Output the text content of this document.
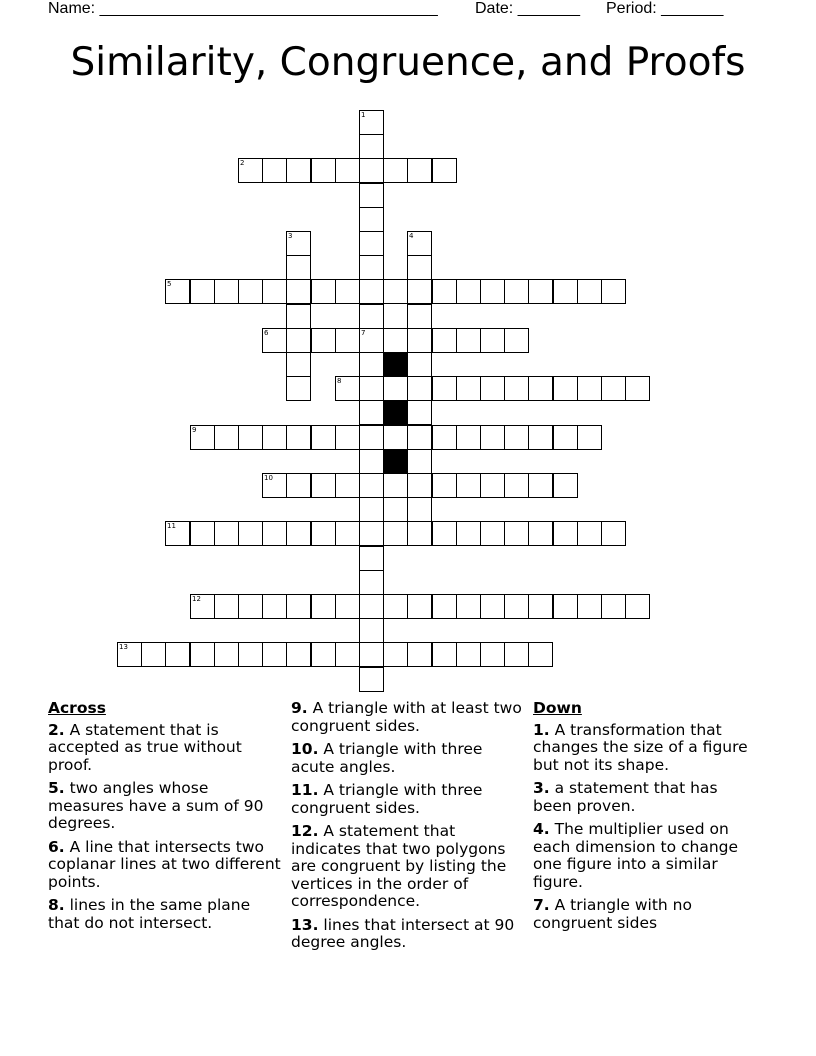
Name: ______________________________________ Date: _______ Period: _______
Similarity, Congruence, and Proofs
2
5
6	7
8
9
10
11
12
13
1
3	4
Across
2. A statement that is accepted as true without proof.
5. two angles whose measures have a sum of 90 degrees.
6. A line that intersects two coplanar lines at two different points.
8. lines in the same plane that do not intersect.
9. A triangle with at least two congruent sides.
10. A triangle with three acute angles.
11. A triangle with three congruent sides.
12. A statement that indicates that two polygons are congruent by listing the vertices in the order of correspondence.
13. lines that intersect at 90 degree angles.
Down
1. A transformation that changes the size of a figure but not its shape.
3. a statement that has been proven.
4. The multiplier used on each dimension to change one figure into a similar figure.
7. A triangle with no congruent sides
